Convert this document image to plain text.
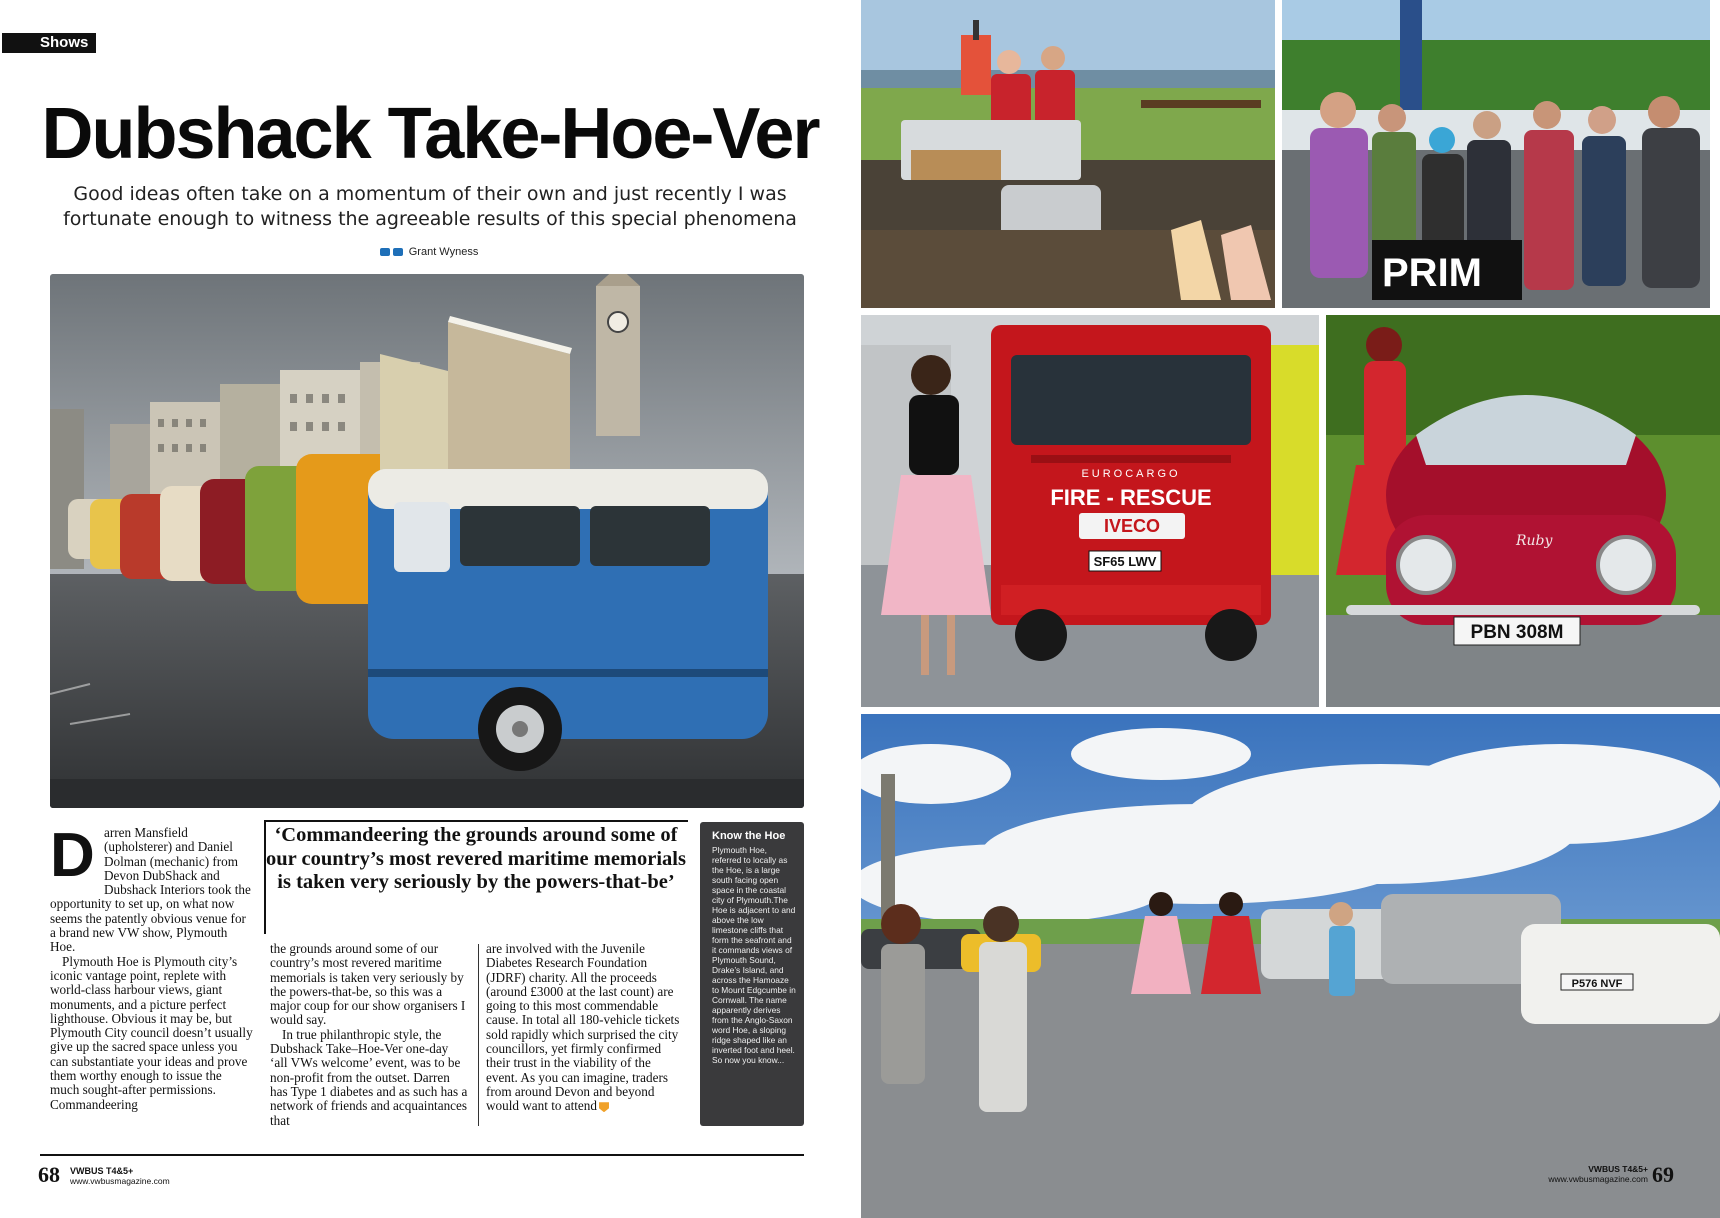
Shows
Dubshack Take-Hoe-Ver
Good ideas often take on a momentum of their own and just recently I was fortunate enough to witness the agreeable results of this special phenomena
Grant Wyness
D arren Mansfield (upholsterer) and Daniel Dolman (mechanic) from Devon DubShack and Dubshack Interiors took the opportunity to set up, on what now seems the patently obvious venue for a brand new VW show, Plymouth Hoe.

Plymouth Hoe is Plymouth city’s iconic vantage point, replete with world-class harbour views, giant monuments, and a picture perfect lighthouse. Obvious it may be, but Plymouth City council doesn’t usually give up the sacred space unless you can substantiate your ideas and prove them worthy enough to issue the much sought-after permissions. Commandeering

‘Commandeering the grounds around some of our country’s most revered maritime memorials is taken very seriously by the powers-that-be’

the grounds around some of our country’s most revered maritime memorials is taken very seriously by the powers-that-be, so this was a major coup for our show organisers I would say.

In true philanthropic style, the Dubshack Take–Hoe-Ver one-day ‘all VWs welcome’ event, was to be non-profit from the outset. Darren has Type 1 diabetes and as such has a network of friends and acquaintances that

are involved with the Juvenile Diabetes Research Foundation (JDRF) charity. All the proceeds (around £3000 at the last count) are going to this most commendable cause. In total all 180-vehicle tickets sold rapidly which surprised the city councillors, yet firmly confirmed their trust in the viability of the event. As you can imagine, traders from around Devon and beyond would want to attend

Know the Hoe
Plymouth Hoe, referred to locally as the Hoe, is a large south facing open space in the coastal city of Plymouth.The Hoe is adjacent to and above the low limestone cliffs that form the seafront and it commands views of Plymouth Sound, Drake’s Island, and across the Hamoaze to Mount Edgcumbe in Cornwall. The name apparently derives from the Anglo-Saxon word Hoe, a sloping ridge shaped like an inverted foot and heel. So now you know...
68 VWBUS T4&5+
www.vwbusmagazine.com
PRIM
EUROCARGO
FIRE - RESCUE
IVECO
SF65 LWV
Ruby
PBN 308M
P576 NVF
VWBUS T4&5+
www.vwbusmagazine.com 69
